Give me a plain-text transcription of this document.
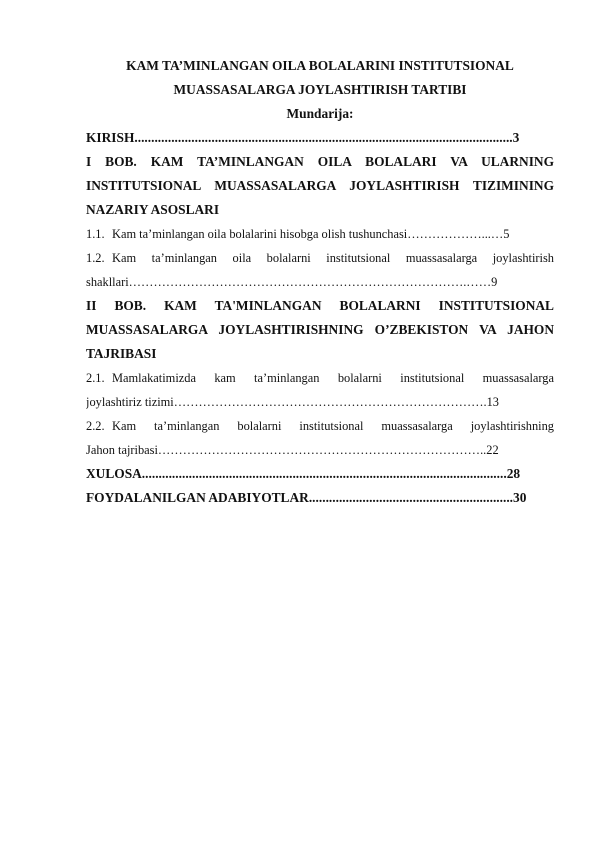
KAM TA’MINLANGAN OILA BOLALARINI INSTITUTSIONAL

MUASSASALARGA JOYLASHTIRISH TARTIBI

Mundarija:

KIRISH.................................................................................................................3

I BOB. KAM TA’MINLANGAN OILA BOLALARI VA ULARNING

INSTITUTSIONAL MUASSASALARGA JOYLASHTIRISH TIZIMINING

NAZARIY ASOSLARI

1.1. Kam ta’minlangan oila bolalarini hisobga olish tushunchasi………………...…5

1.2. Kam ta’minlangan oila bolalarni institutsional muassasalarga joylashtirish

shakllari……………………………………………………………………….……9

II BOB. KAM TA'MINLANGAN BOLALARNI INSTITUTSIONAL

MUASSASALARGA JOYLASHTIRISHNING O’ZBEKISTON VA JAHON

TAJRIBASI

2.1. Mamlakatimizda kam ta’minlangan bolalarni institutsional muassasalarga

joylashtiriz tizimi………………………………………………………………….13

2.2. Kam ta’minlangan bolalarni institutsional muassasalarga joylashtirishning

Jahon tajribasi……………………………………………………………………..22

XULOSA.............................................................................................................28

FOYDALANILGAN ADABIYOTLAR.............................................................30
